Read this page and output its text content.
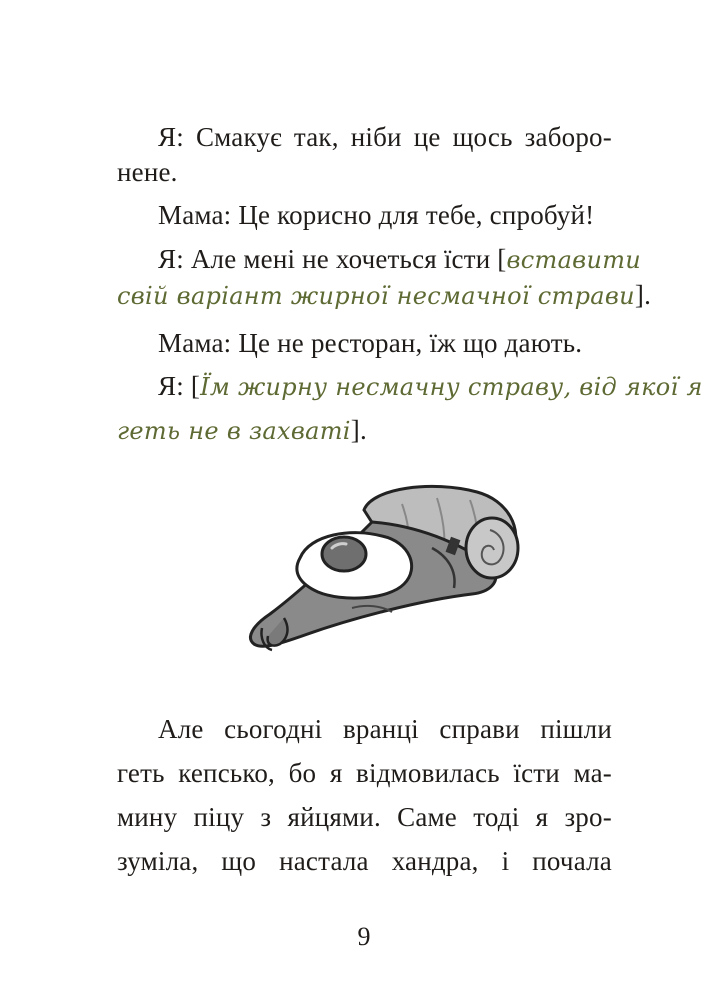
Я: Смакує так, ніби це щось заборо-
нене.
Мама: Це корисно для тебе, спробуй!
Я: Але мені не хочеться їсти [вставити
свій варіант жирної несмачної страви].
Мама: Це не ресторан, їж що дають.
Я: [Їм жирну несмачну страву, від якої я
геть не в захваті].
Але сьогодні вранці справи пішли
геть кепсько, бо я відмовилась їсти ма-
мину піцу з яйцями. Саме тоді я зро-
зуміла, що настала хандра, і почала
9
